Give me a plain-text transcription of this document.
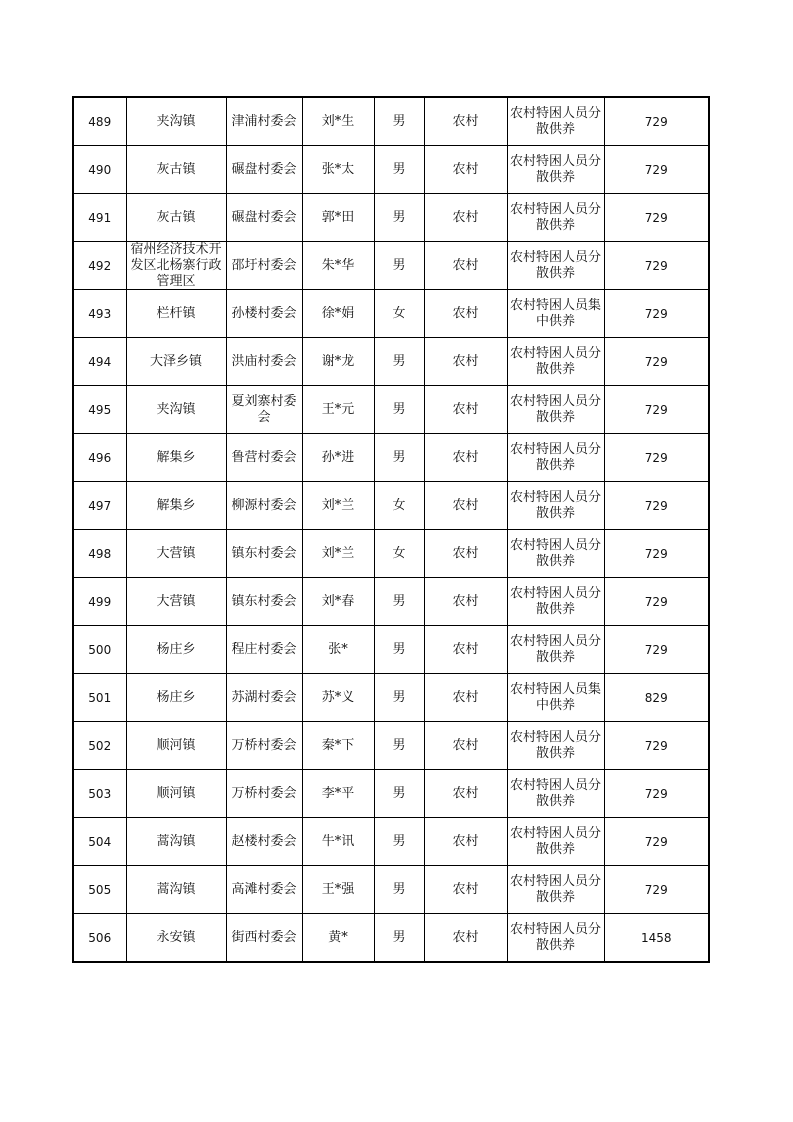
489	夹沟镇	津浦村委会	刘*生	男	农村	农村特困人员分散供养	729

490	灰古镇	碾盘村委会	张*太	男	农村	农村特困人员分散供养	729

491	灰古镇	碾盘村委会	郭*田	男	农村	农村特困人员分散供养	729

492	宿州经济技术开发区北杨寨行政管理区	邵圩村委会	朱*华	男	农村	农村特困人员分散供养	729

493	栏杆镇	孙楼村委会	徐*娟	女	农村	农村特困人员集中供养	729

494	大泽乡镇	洪庙村委会	谢*龙	男	农村	农村特困人员分散供养	729

495	夹沟镇	夏刘寨村委会	王*元	男	农村	农村特困人员分散供养	729

496	解集乡	鲁营村委会	孙*进	男	农村	农村特困人员分散供养	729

497	解集乡	柳源村委会	刘*兰	女	农村	农村特困人员分散供养	729

498	大营镇	镇东村委会	刘*兰	女	农村	农村特困人员分散供养	729

499	大营镇	镇东村委会	刘*春	男	农村	农村特困人员分散供养	729

500	杨庄乡	程庄村委会	张*	男	农村	农村特困人员分散供养	729

501	杨庄乡	苏湖村委会	苏*义	男	农村	农村特困人员集中供养	829

502	顺河镇	万桥村委会	秦*下	男	农村	农村特困人员分散供养	729

503	顺河镇	万桥村委会	李*平	男	农村	农村特困人员分散供养	729

504	蒿沟镇	赵楼村委会	牛*讯	男	农村	农村特困人员分散供养	729

505	蒿沟镇	高滩村委会	王*强	男	农村	农村特困人员分散供养	729

506	永安镇	街西村委会	黄*	男	农村	农村特困人员分散供养	1458
